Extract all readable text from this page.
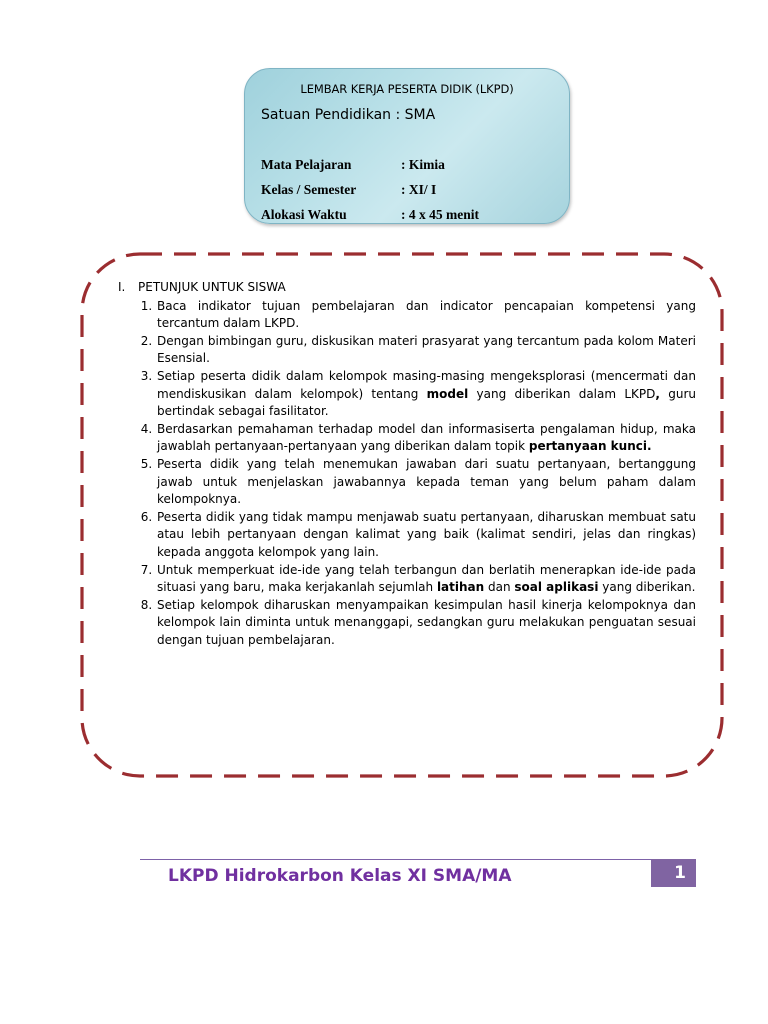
LEMBAR KERJA PESERTA DIDIK (LKPD)
Satuan Pendidikan : SMA
Mata Pelajaran	: Kimia
Kelas / Semester	: XI/ I
Alokasi Waktu	: 4 x 45 menit
I. PETUNJUK UNTUK SISWA
1. Baca indikator tujuan pembelajaran dan indicator pencapaian kompetensi yang tercantum dalam LKPD.
2. Dengan bimbingan guru, diskusikan materi prasyarat yang tercantum pada kolom Materi Esensial.
3. Setiap peserta didik dalam kelompok masing-masing mengeksplorasi (mencermati dan mendiskusikan dalam kelompok) tentang model yang diberikan dalam LKPD, guru bertindak sebagai fasilitator.
4. Berdasarkan pemahaman terhadap model dan informasiserta pengalaman hidup, maka jawablah pertanyaan-pertanyaan yang diberikan dalam topik pertanyaan kunci.
5. Peserta didik yang telah menemukan jawaban dari suatu pertanyaan, bertanggung jawab untuk menjelaskan jawabannya kepada teman yang belum paham dalam kelompoknya.
6. Peserta didik yang tidak mampu menjawab suatu pertanyaan, diharuskan membuat satu atau lebih pertanyaan dengan kalimat yang baik (kalimat sendiri, jelas dan ringkas) kepada anggota kelompok yang lain.
7. Untuk memperkuat ide-ide yang telah terbangun dan berlatih menerapkan ide-ide pada situasi yang baru, maka kerjakanlah sejumlah latihan dan soal aplikasi yang diberikan.
8. Setiap kelompok diharuskan menyampaikan kesimpulan hasil kinerja kelompoknya dan kelompok lain diminta untuk menanggapi, sedangkan guru melakukan penguatan sesuai dengan tujuan pembelajaran.
LKPD Hidrokarbon Kelas XI SMA/MA	1
